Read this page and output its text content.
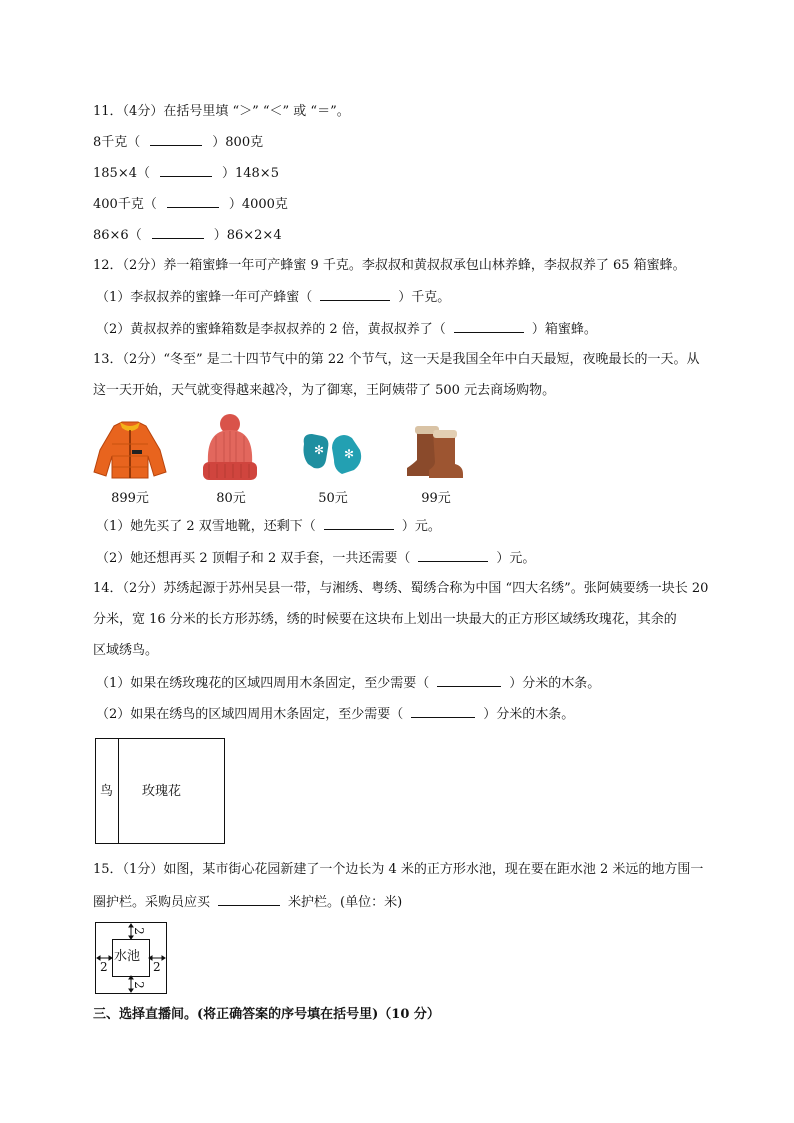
11．（4分）在括号里填 “＞” “＜” 或 “＝”。
8千克（	）800克
185×4（	）148×5
400千克（	）4000克
86×6（	）86×2×4
12．（2分）养一箱蜜蜂一年可产蜂蜜 9 千克。李叔叔和黄叔叔承包山林养蜂，李叔叔养了 65 箱蜜蜂。
（1）李叔叔养的蜜蜂一年可产蜂蜜（	）千克。
（2）黄叔叔养的蜜蜂箱数是李叔叔养的 2 倍，黄叔叔养了（	）箱蜜蜂。
13．（2分）“冬至” 是二十四节气中的第 22 个节气，这一天是我国全年中白天最短，夜晚最长的一天。从
这一天开始，天气就变得越来越冷，为了御寒，王阿姨带了 500 元去商场购物。
899元	80元
✻ ✻
50元	99元
（1）她先买了 2 双雪地靴，还剩下（	）元。
（2）她还想再买 2 顶帽子和 2 双手套，一共还需要（	）元。
14．（2分）苏绣起源于苏州吴县一带，与湘绣、粤绣、蜀绣合称为中国 “四大名绣”。张阿姨要绣一块长 20
分米，宽 16 分米的长方形苏绣，绣的时候要在这块布上划出一块最大的正方形区域绣玫瑰花，其余的
区域绣鸟。
（1）如果在绣玫瑰花的区域四周用木条固定，至少需要（	）分米的木条。
（2）如果在绣鸟的区域四周用木条固定，至少需要（	）分米的木条。
鸟 玫瑰花
15．（1分）如图，某市街心花园新建了一个边长为 4 米的正方形水池，现在要在距水池 2 米远的地方围一
圈护栏。采购员应买	米护栏。(单位：米)
水池
2
2
2	2
三、选择直播间。(将正确答案的序号填在括号里)（10 分）
